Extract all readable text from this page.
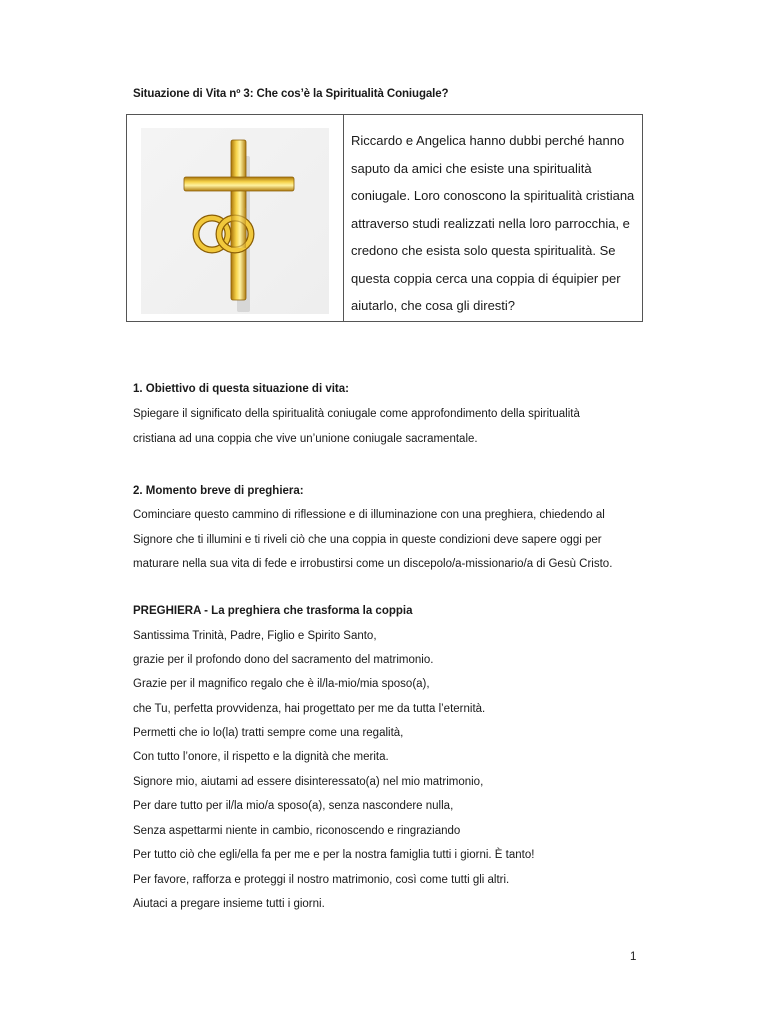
Situazione di Vita nº 3: Che cos’è la Spiritualità Coniugale?
Riccardo e Angelica hanno dubbi perché hanno
saputo da amici che esiste una spiritualità
coniugale. Loro conoscono la spiritualità cristiana
attraverso studi realizzati nella loro parrocchia, e
credono che esista solo questa spiritualità. Se
questa coppia cerca una coppia di équipier per
aiutarlo, che cosa gli diresti?
1. Obiettivo di questa situazione di vita:
Spiegare il significato della spiritualità coniugale come approfondimento della spiritualità
cristiana ad una coppia che vive un’unione coniugale sacramentale.
2. Momento breve di preghiera:
Cominciare questo cammino di riflessione e di illuminazione con una preghiera, chiedendo al
Signore che ti illumini e ti riveli ciò che una coppia in queste condizioni deve sapere oggi per
maturare nella sua vita di fede e irrobustirsi come un discepolo/a-missionario/a di Gesù Cristo.
PREGHIERA - La preghiera che trasforma la coppia
Santissima Trinità, Padre, Figlio e Spirito Santo,
grazie per il profondo dono del sacramento del matrimonio.
Grazie per il magnifico regalo che è il/la-mio/mia sposo(a),
che Tu, perfetta provvidenza, hai progettato per me da tutta l’eternità.
Permetti che io lo(la) tratti sempre come una regalità,
Con tutto l’onore, il rispetto e la dignità che merita.
Signore mio, aiutami ad essere disinteressato(a) nel mio matrimonio,
Per dare tutto per il/la mio/a sposo(a), senza nascondere nulla,
Senza aspettarmi niente in cambio, riconoscendo e ringraziando
Per tutto ciò che egli/ella fa per me e per la nostra famiglia tutti i giorni. È tanto!
Per favore, rafforza e proteggi il nostro matrimonio, così come tutti gli altri.
Aiutaci a pregare insieme tutti i giorni.
1
